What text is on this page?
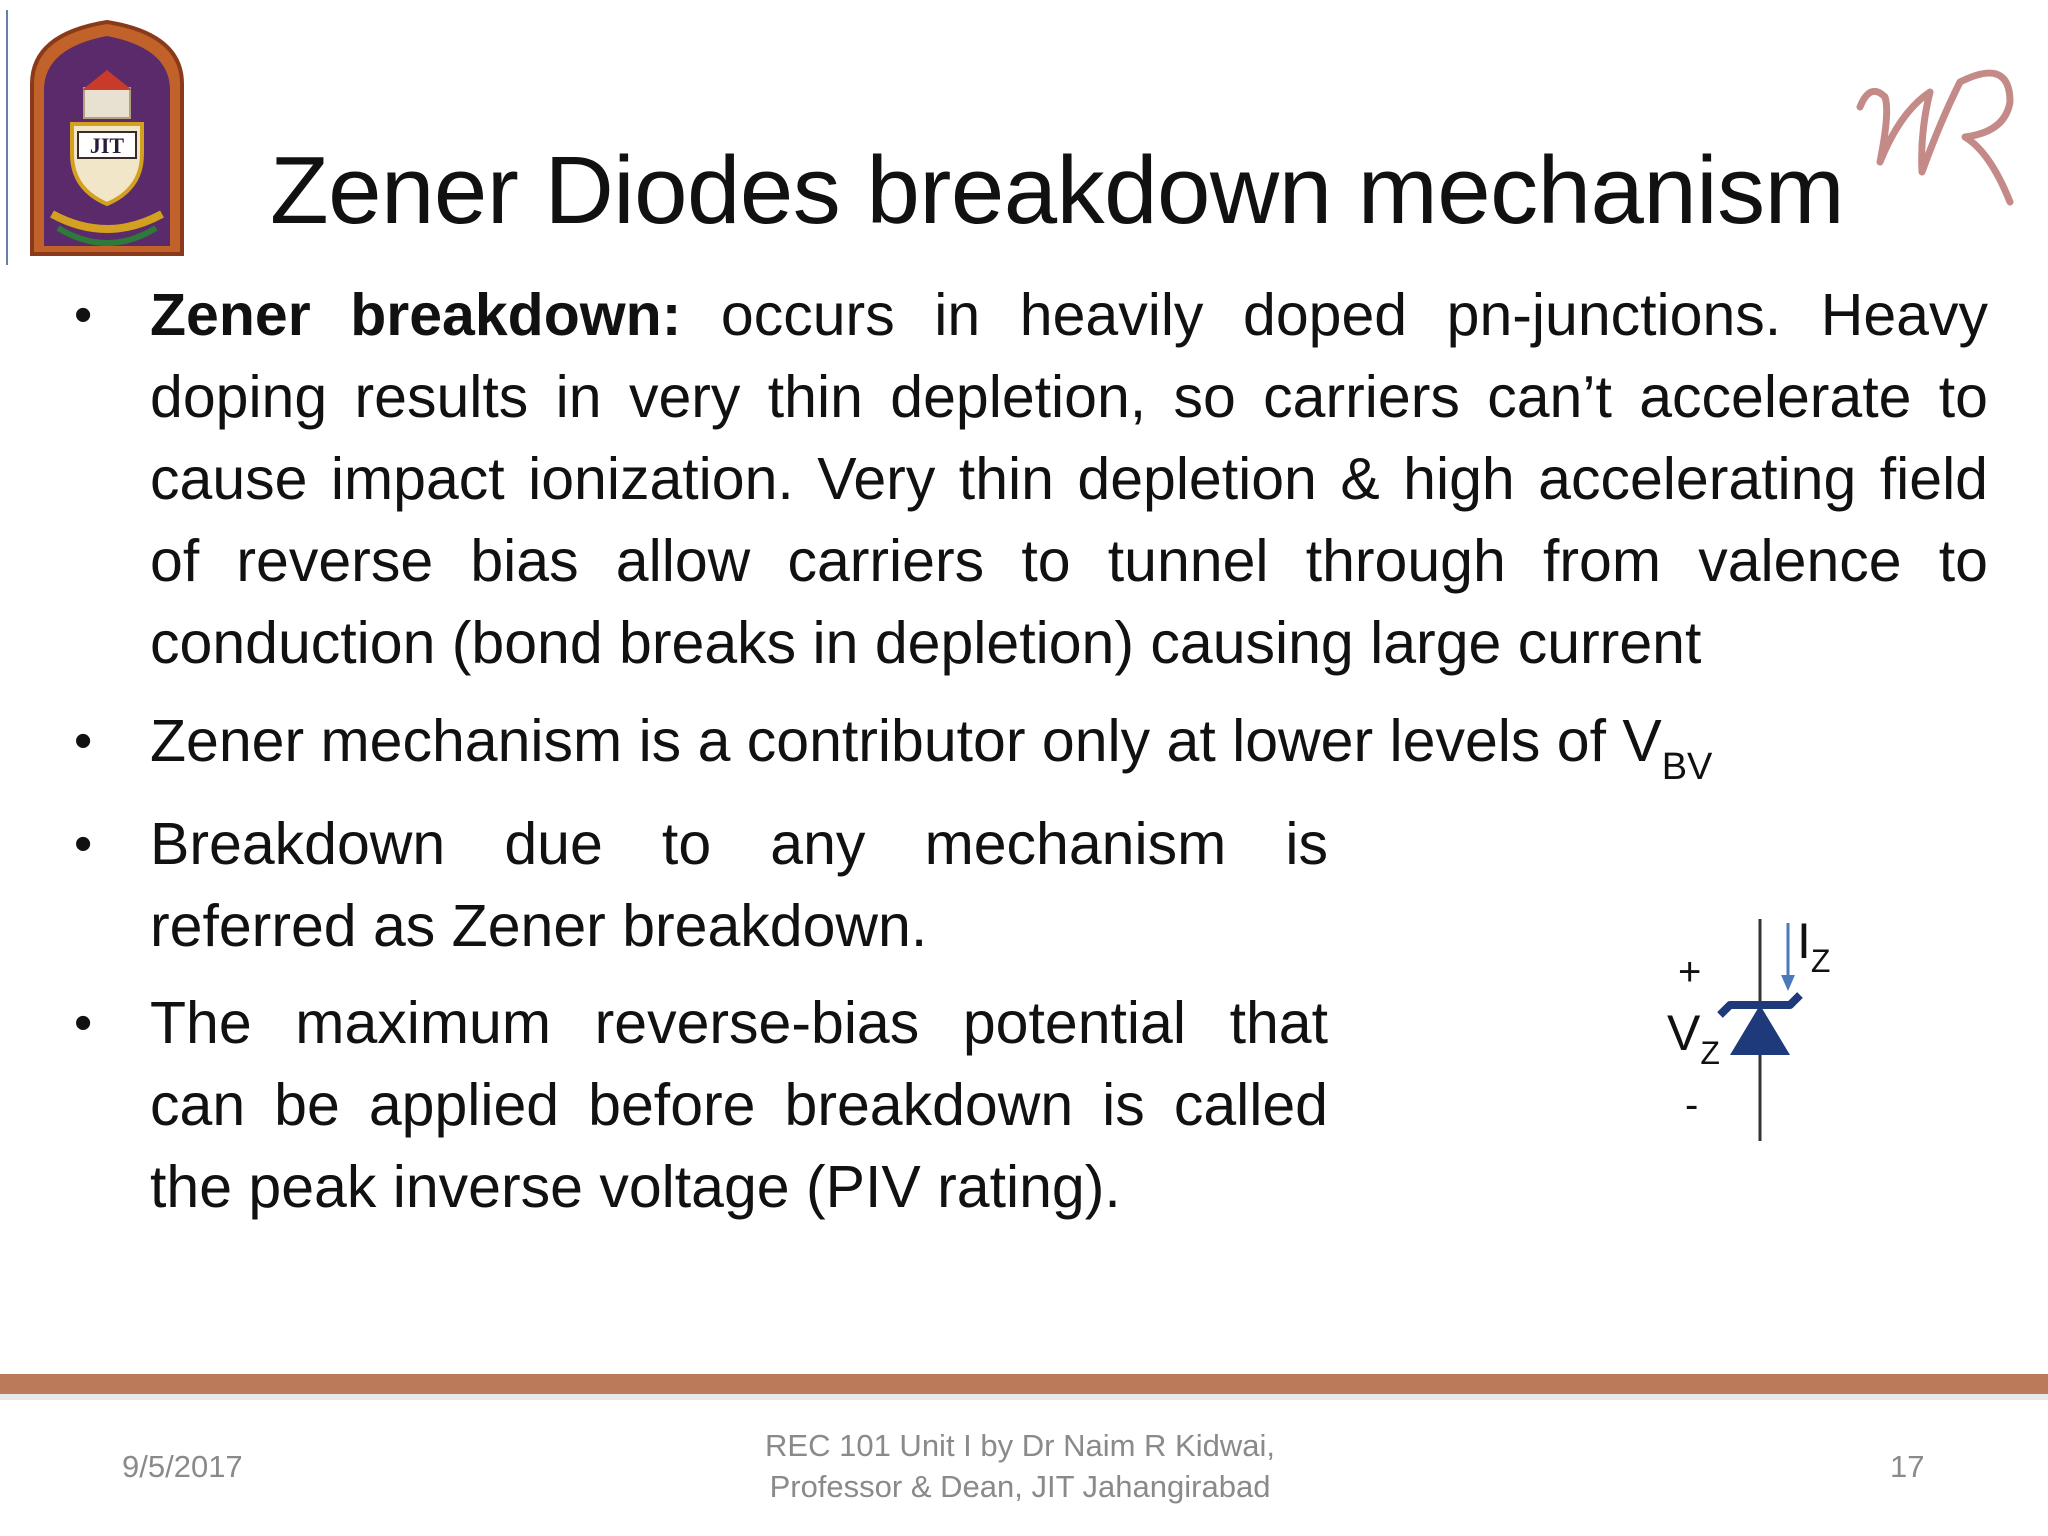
JIT Zener Diodes breakdown mechanism
• Zener breakdown: occurs in heavily doped pn-junctions. Heavy doping results in very thin depletion, so carriers can’t accelerate to cause impact ionization. Very thin depletion & high accelerating field of reverse bias allow carriers to tunnel through from valence to conduction (bond breaks in depletion) causing large current
• Zener mechanism is a contributor only at lower levels of $V_{BV}$
• Breakdown due to any mechanism is referred as Zener breakdown.
• The maximum reverse-bias potential that can be applied before breakdown is called the peak inverse voltage (PIV rating).
+
-
$V_Z$
$I_Z$
9/5/2017
REC 101 Unit I by Dr Naim R Kidwai,
Professor & Dean, JIT Jahangirabad
17
